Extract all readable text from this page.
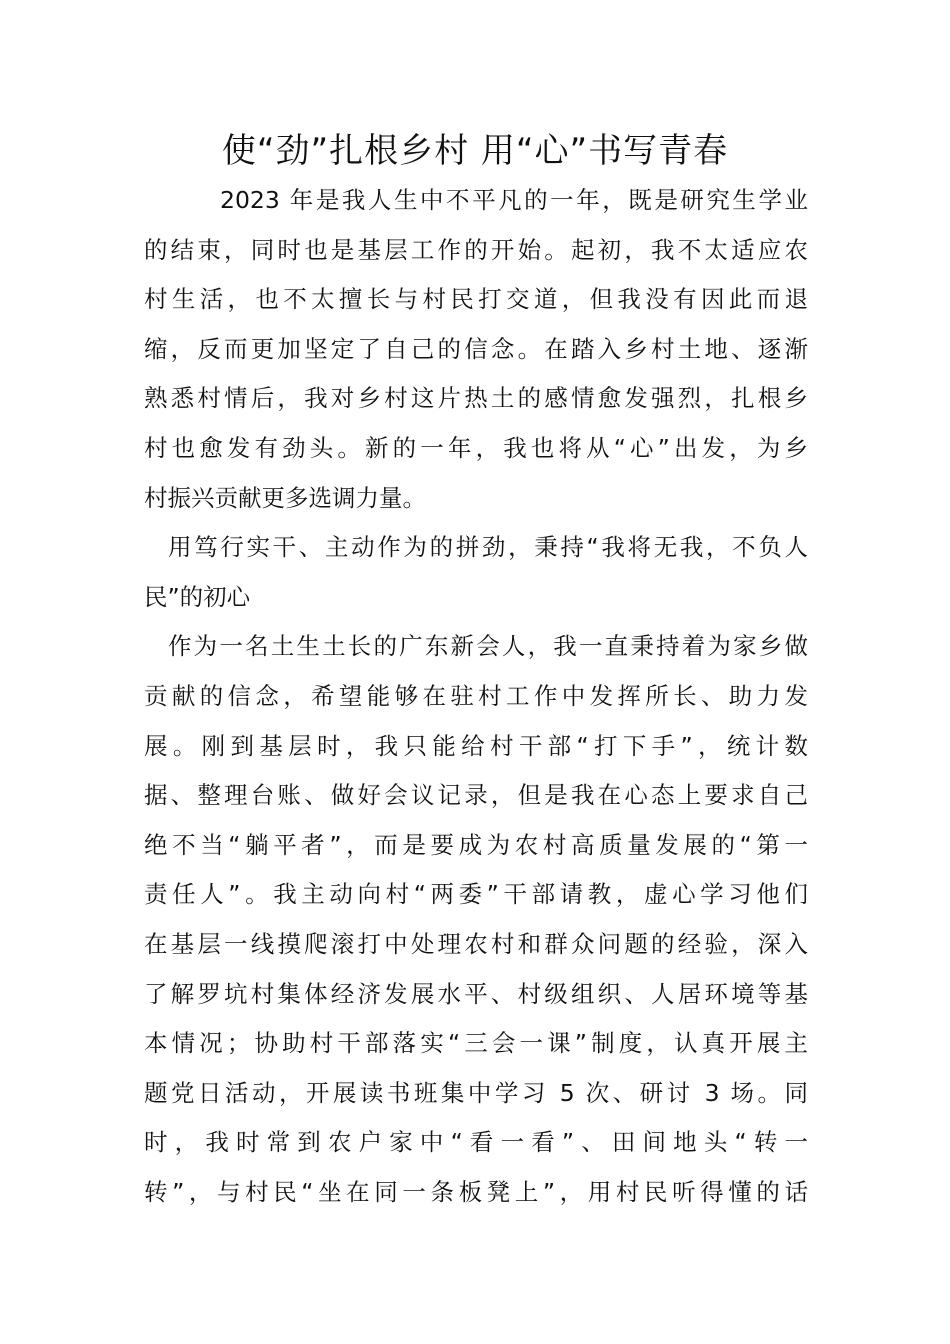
使“劲”扎根乡村 用“心”书写青春
2023 年是我人生中不平凡的一年，既是研究生学业
的结束，同时也是基层工作的开始。起初，我不太适应农
村生活，也不太擅长与村民打交道，但我没有因此而退
缩，反而更加坚定了自己的信念。在踏入乡村土地、逐渐
熟悉村情后，我对乡村这片热土的感情愈发强烈，扎根乡
村也愈发有劲头。新的一年，我也将从“心”出发，为乡
村振兴贡献更多选调力量。
用笃行实干、主动作为的拼劲，秉持“我将无我，不负人
民”的初心
作为一名土生土长的广东新会人，我一直秉持着为家乡做
贡献的信念，希望能够在驻村工作中发挥所长、助力发
展。刚到基层时，我只能给村干部“打下手”，统计数
据、整理台账、做好会议记录，但是我在心态上要求自己
绝不当“躺平者”，而是要成为农村高质量发展的“第一
责任人”。我主动向村“两委”干部请教，虚心学习他们
在基层一线摸爬滚打中处理农村和群众问题的经验，深入
了解罗坑村集体经济发展水平、村级组织、人居环境等基
本情况；协助村干部落实“三会一课”制度，认真开展主
题党日活动，开展读书班集中学习 5 次、研讨 3 场。同
时，我时常到农户家中“看一看”、田间地头“转一
转”，与村民“坐在同一条板凳上”，用村民听得懂的话
